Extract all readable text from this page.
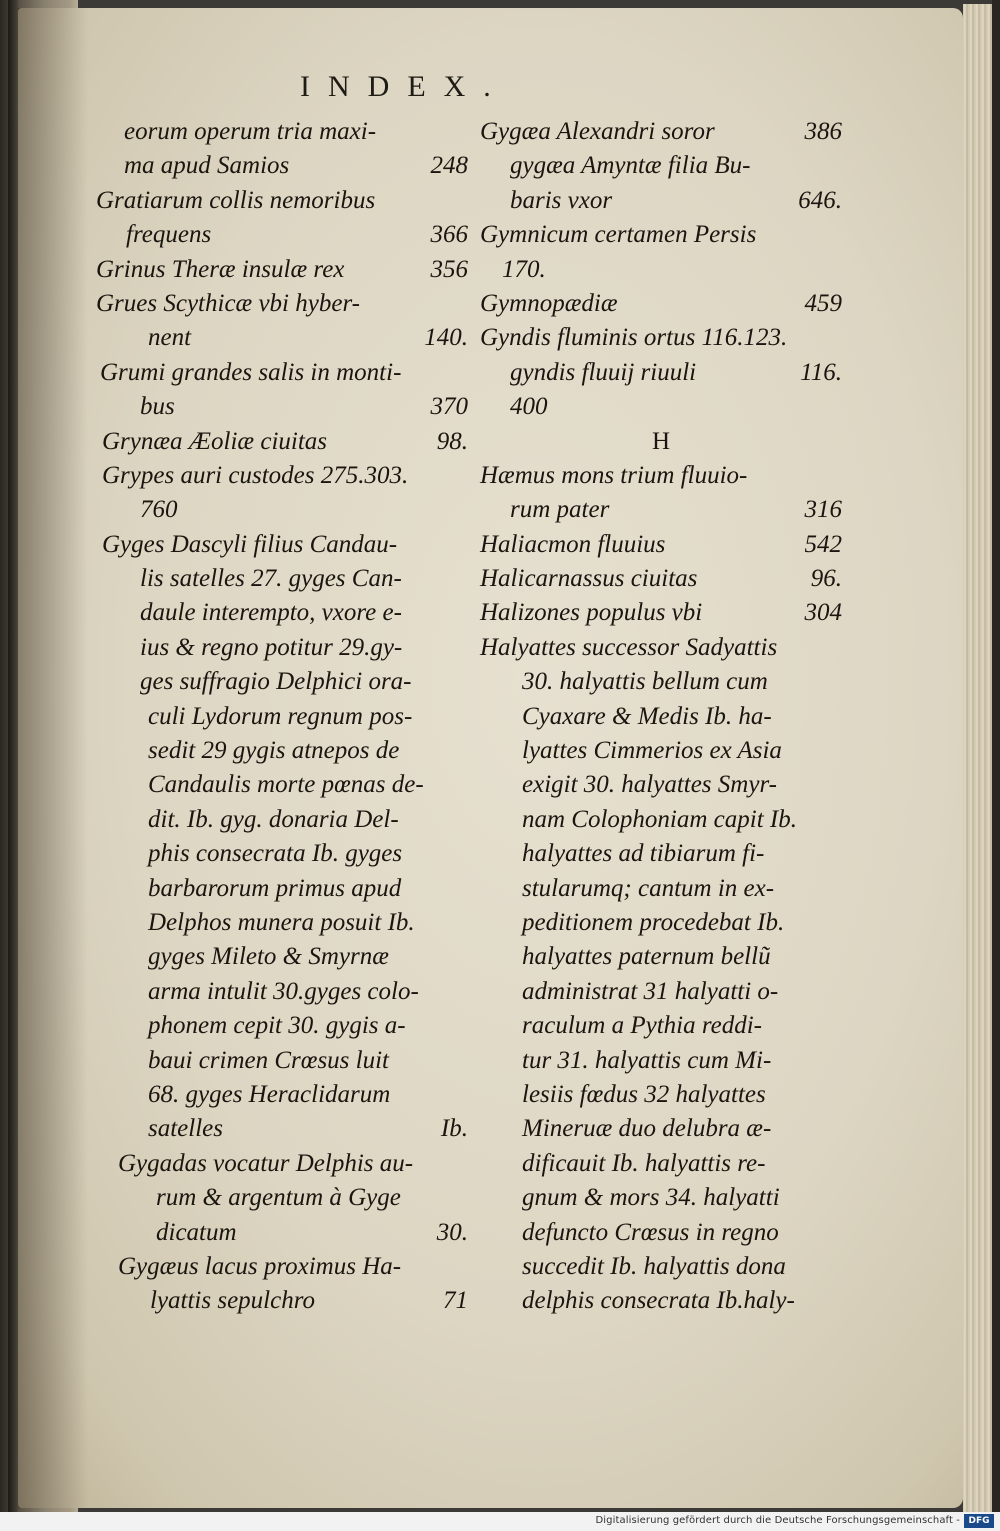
INDEX.
eorum operum tria maxi-
ma apud Samios	248
Gratiarum collis nemoribus
frequens	366
Grinus Theræ insulæ rex	356
Grues Scythicæ vbi hyber-
nent	140.
Grumi grandes salis in monti-
bus	370
Grynæa Æoliæ ciuitas	98.
Grypes auri custodes 275.303.
760
Gyges Dascyli filius Candau-
lis satelles 27. gyges Can-
daule interempto, vxore e-
ius & regno potitur 29.gy-
ges suffragio Delphici ora-
culi Lydorum regnum pos-
sedit 29 gygis atnepos de
Candaulis morte pœnas de-
dit. Ib. gyg. donaria Del-
phis consecrata Ib. gyges
barbarorum primus apud
Delphos munera posuit Ib.
gyges Mileto & Smyrnæ
arma intulit 30.gyges colo-
phonem cepit 30. gygis a-
baui crimen Crœsus luit
68. gyges Heraclidarum
satelles	Ib.
Gygadas vocatur Delphis au-
rum & argentum à Gyge
dicatum	30.
Gygæus lacus proximus Ha-
lyattis sepulchro	71
Gygæa Alexandri soror	386
gygæa Amyntæ filia Bu-
baris vxor	646.
Gymnicum certamen Persis
170.
Gymnopædiæ	459
Gyndis fluminis ortus 116.123.
gyndis fluuij riuuli	116.
400
H
Hæmus mons trium fluuio-
rum pater	316
Haliacmon fluuius	542
Halicarnassus ciuitas	96.
Halizones populus vbi	304
Halyattes successor Sadyattis
30. halyattis bellum cum
Cyaxare & Medis Ib. ha-
lyattes Cimmerios ex Asia
exigit 30. halyattes Smyr-
nam Colophoniam capit Ib.
halyattes ad tibiarum fi-
stularumq; cantum in ex-
peditionem procedebat Ib.
halyattes paternum bellũ
administrat 31 halyatti o-
raculum a Pythia reddi-
tur 31. halyattis cum Mi-
lesiis fœdus 32 halyattes
Mineruæ duo delubra æ-
dificauit Ib. halyattis re-
gnum & mors 34. halyatti
defuncto Crœsus in regno
succedit Ib. halyattis dona
delphis consecrata Ib.haly-
Digitalisierung gefördert durch die Deutsche Forschungsgemeinschaft - DFG
